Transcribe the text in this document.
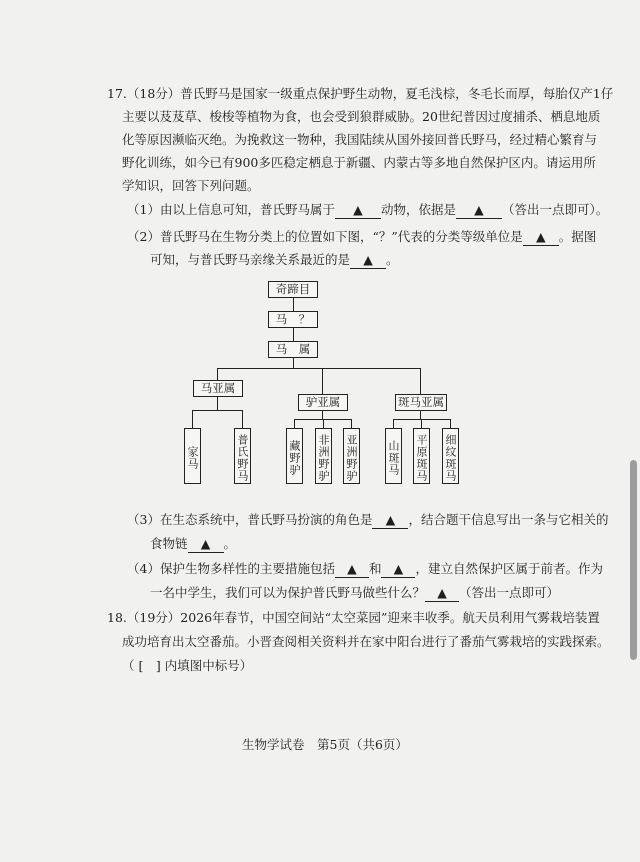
17.（18分）普氏野马是国家一级重点保护野生动物，夏毛浅棕，冬毛长而厚，每胎仅产1仔
主要以芨芨草、梭梭等植物为食，也会受到狼群威胁。20世纪普因过度捕杀、栖息地质
化等原因濒临灭绝。为挽救这一物种，我国陆续从国外接回普氏野马，经过精心繁育与
野化训练，如今已有900多匹稳定栖息于新疆、内蒙古等多地自然保护区内。请运用所
学知识，回答下列问题。
（1）由以上信息可知，普氏野马属于 ▲ 动物，依据是 ▲ （答出一点即可）。
（2）普氏野马在生物分类上的位置如下图，“？”代表的分类等级单位是 ▲ 。据图
可知，与普氏野马亲缘关系最近的是 ▲ 。
奇蹄目
马　？
马　属
马亚属
驴亚属	斑马亚属
家马	普氏野马	藏野驴 非洲野驴 亚洲野驴	山斑马 平原斑马 细纹斑马
（3）在生态系统中，普氏野马扮演的角色是 ▲ ，结合题干信息写出一条与它相关的
食物链 ▲ 。
（4）保护生物多样性的主要措施包括 ▲ 和 ▲ ，建立自然保护区属于前者。作为
一名中学生，我们可以为保护普氏野马做些什么？ ▲ （答出一点即可）
18.（19分）2026年春节，中国空间站“太空菜园”迎来丰收季。航天员利用气雾栽培装置
成功培育出太空番茄。小晋查阅相关资料并在家中阳台进行了番茄气雾栽培的实践探索。
（ [　] 内填图中标号）
生物学试卷　第5页（共6页）
